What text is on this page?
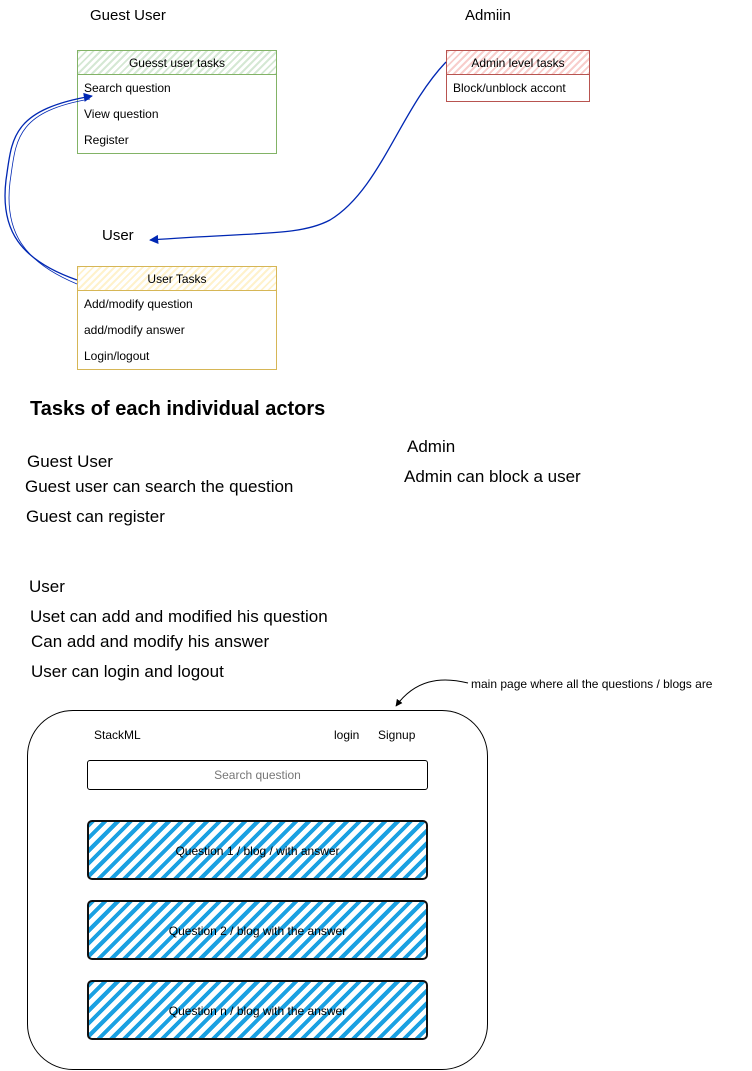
Guest User	Admiin
User
Guesst user tasks
Search question
View question
Register
Admin level tasks
Block/unblock accont
User Tasks
Add/modify question
add/modify answer
Login/logout
Tasks of each individual actors
Guest User
Guest user can search the question
Guest can register
Admin
Admin can block a user
User
Uset can add and modified his question
Can add and modify his answer
User can login and logout
main page where all the questions / blogs are
StackML	login Signup
Search question
Question 1 / blog / with answer
Question 2 / blog with the answer
Question n / blog with the answer
